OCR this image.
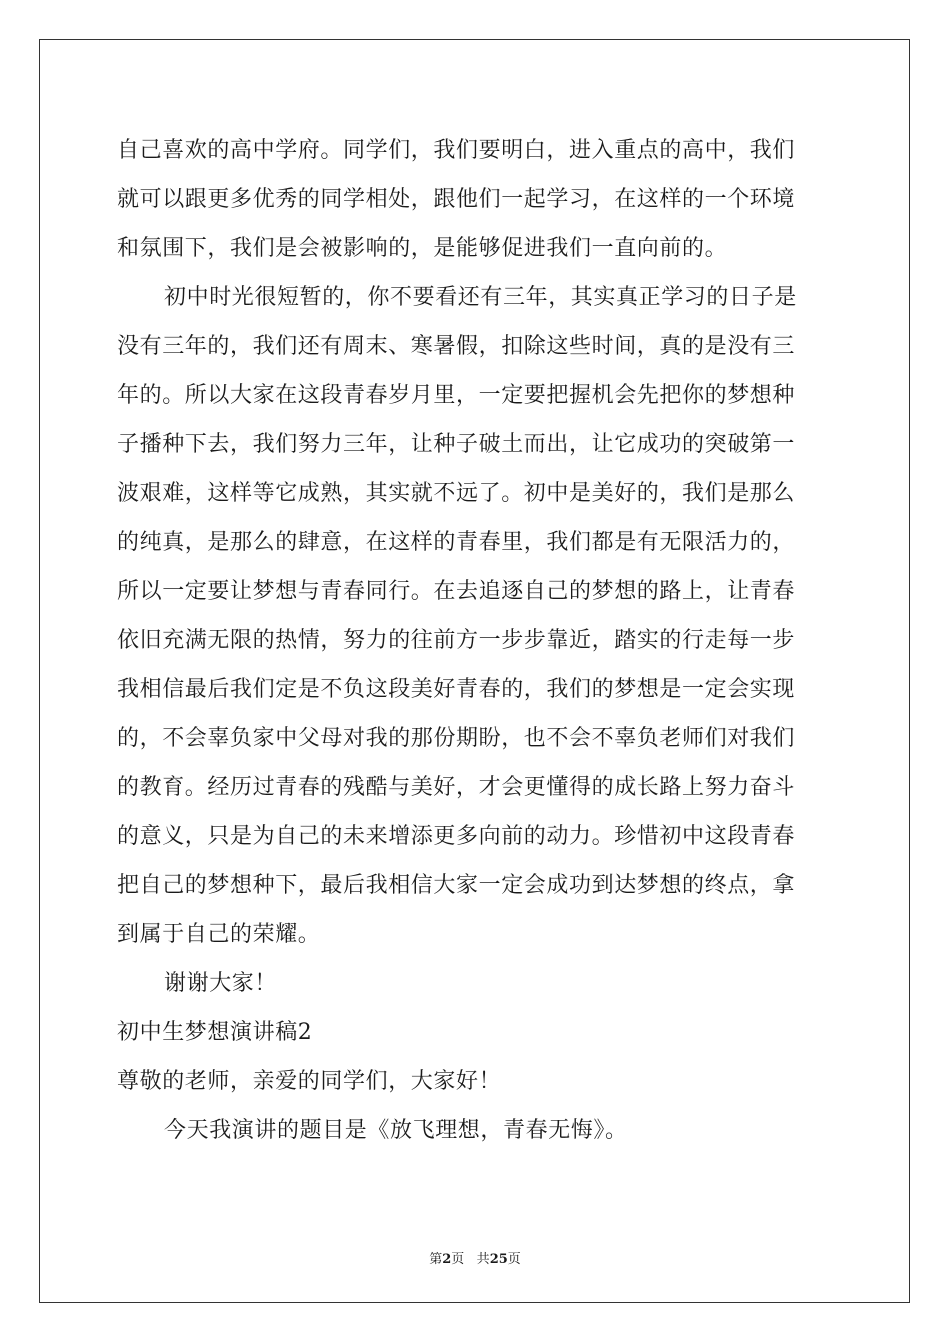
自己喜欢的高中学府。同学们，我们要明白，进入重点的高中，我们
就可以跟更多优秀的同学相处，跟他们一起学习，在这样的一个环境
和氛围下，我们是会被影响的，是能够促进我们一直向前的。
初中时光很短暂的，你不要看还有三年，其实真正学习的日子是
没有三年的，我们还有周末、寒暑假，扣除这些时间，真的是没有三
年的。所以大家在这段青春岁月里，一定要把握机会先把你的梦想种
子播种下去，我们努力三年，让种子破土而出，让它成功的突破第一
波艰难，这样等它成熟，其实就不远了。初中是美好的，我们是那么
的纯真，是那么的肆意，在这样的青春里，我们都是有无限活力的，
所以一定要让梦想与青春同行。在去追逐自己的梦想的路上，让青春
依旧充满无限的热情，努力的往前方一步步靠近，踏实的行走每一步
我相信最后我们定是不负这段美好青春的，我们的梦想是一定会实现
的，不会辜负家中父母对我的那份期盼，也不会不辜负老师们对我们
的教育。经历过青春的残酷与美好，才会更懂得的成长路上努力奋斗
的意义，只是为自己的未来增添更多向前的动力。珍惜初中这段青春
把自己的梦想种下，最后我相信大家一定会成功到达梦想的终点，拿
到属于自己的荣耀。
谢谢大家！
初中生梦想演讲稿2
尊敬的老师，亲爱的同学们，大家好！
今天我演讲的题目是《放飞理想，青春无悔》。
第2页 共25页
